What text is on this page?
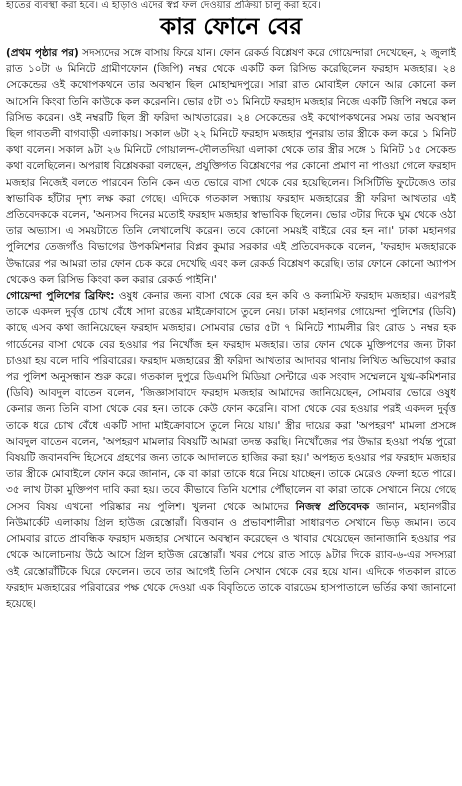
হাতের ব্যবস্থা করা হবে। এ হাড়াও এদের স্বপ্ন ফল দেওয়ার প্রক্রিয়া চালু করা হবে।
কার ফোনে বের

(প্রথম পৃষ্ঠার পর) সদস্যদের সঙ্গে বাসায় ফিরে যান। ফোন রেকর্ড বিশ্লেষণ করে গোয়েন্দারা দেখেছেন, ২ জুলাই রাত ১০টা ৬ মিনিটে গ্রামীণফোন (জিপি) নম্বর থেকে একটি কল রিসিভ করেছিলেন ফরহাদ মজহার। ২৪ সেকেন্ডের ওই কথোপকথনে তার অবস্থান ছিল মোহাম্মদপুরে। সারা রাত মোবাইল ফোনে আর কোনো কল আসেনি কিংবা তিনি কাউকে কল করেননি। ভোর ৫টা ৩১ মিনিটে ফরহাদ মজহার নিজে একটি জিপি নম্বরে কল রিসিভ করেন। ওই নম্বরটি ছিল স্ত্রী ফরিদা আখতারের। ২৪ সেকেন্ডের ওই কথোপকথনের সময় তার অবস্থান ছিল গাবতলী বাগবাড়ী এলাকায়। সকাল ৬টা ২২ মিনিটে ফরহাদ মজহার পুনরায় তার স্ত্রীকে কল করে ১ মিনিট কথা বলেন। সকাল ৯টা ২৬ মিনিটে গোয়ালন্দ-দৌলতদিয়া এলাকা থেকে তার স্ত্রীর সঙ্গে ১ মিনিট ১৫ সেকেন্ড কথা বলেছিলেন। অপরাধ বিশ্লেষকরা বলছেন, প্রযুক্তিগত বিশ্লেষণের পর কোনো প্রমাণ না পাওয়া গেলে ফরহাদ মজহার নিজেই বলতে পারবেন তিনি কেন এত ভোরে বাসা থেকে বের হয়েছিলেন। সিসিটিভি ফুটেজেও তার স্বাভাবিক হাঁটার দৃশ্য লক্ষ করা গেছে। এদিকে গতকাল সন্ধ্যায় ফরহাদ মজহারের স্ত্রী ফরিদা আখতার এই প্রতিবেদককে বলেন, 'অন্যসব দিনের মতোই ফরহাদ মজহার স্বাভাবিক ছিলেন। ভোর ৩টার দিকে ঘুম থেকে ওঠা তার অভ্যাস। এ সময়টাতে তিনি লেখালেখি করেন। তবে কোনো সময়ই বাইরে বের হন না।' ঢাকা মহানগর পুলিশের তেজগাঁও বিভাগের উপকমিশনার বিপ্লব কুমার সরকার এই প্রতিবেদককে বলেন, 'ফরহাদ মজহারকে উদ্ধারের পর আমরা তার ফোন চেক করে দেখেছি এবং কল রেকর্ড বিশ্লেষণ করেছি। তার ফোনে কোনো অ্যাপস থেকেও কল রিসিভ কিংবা কল করার রেকর্ড পাইনি।'

গোয়েন্দা পুলিশের ব্রিফিং: ওষুধ কেনার জন্য বাসা থেকে বের হন কবি ও কলামিস্ট ফরহাদ মজহার। এরপরই তাকে একদল দুর্বৃত্ত চোখ বেঁধে সাদা রঙের মাইক্রোবাসে তুলে নেয়। ঢাকা মহানগর গোয়েন্দা পুলিশের (ডিবি) কাছে এসব কথা জানিয়েছেন ফরহাদ মজহার। সোমবার ভোর ৫টা ৭ মিনিটে শ্যামলীর রিং রোড ১ নম্বর হক গার্ডেনের বাসা থেকে বের হওয়ার পর নিখোঁজ হন ফরহাদ মজহার। তার ফোন থেকে মুক্তিপণের জন্য টাকা চাওয়া হয় বলে দাবি পরিবারের। ফরহাদ মজহারের স্ত্রী ফরিদা আখতার আদাবর থানায় লিখিত অভিযোগ করার পর পুলিশ অনুসন্ধান শুরু করে। গতকাল দুপুরে ডিএমপি মিডিয়া সেন্টারে এক সংবাদ সম্মেলনে যুগ্ম-কমিশনার (ডিবি) আবদুল বাতেন বলেন, 'জিজ্ঞাসাবাদে ফরহাদ মজহার আমাদের জানিয়েছেন, সোমবার ভোরে ওষুধ কেনার জন্য তিনি বাসা থেকে বের হন। তাকে কেউ ফোন করেনি। বাসা থেকে বের হওয়ার পরই একদল দুর্বৃত্ত তাকে ধরে চোখ বেঁধে একটি সাদা মাইক্রোবাসে তুলে নিয়ে যায়।' স্ত্রীর দায়ের করা 'অপহরণ' মামলা প্রসঙ্গে আবদুল বাতেন বলেন, 'অপহরণ মামলার বিষয়টি আমরা তদন্ত করছি। নিখোঁজের পর উদ্ধার হওয়া পর্যন্ত পুরো বিষয়টি জবানবন্দি হিসেবে গ্রহণের জন্য তাকে আদালতে হাজির করা হয়।' অপহৃত হওয়ার পর ফরহাদ মজহার তার স্ত্রীকে মোবাইলে ফোন করে জানান, কে বা কারা তাকে ধরে নিয়ে যাচ্ছেন। তাকে মেরেও ফেলা হতে পারে। ৩৫ লাখ টাকা মুক্তিপণ দাবি করা হয়। তবে কীভাবে তিনি যশোর পৌঁছালেন বা কারা তাকে সেখানে নিয়ে গেছে সেসব বিষয় এখনো পরিষ্কার নয় পুলিশ। খুলনা থেকে আমাদের নিজস্ব প্রতিবেদক জানান, মহানগরীর নিউমার্কেট এলাকায় গ্রিল হাউজ রেস্তোরাঁ। বিত্তবান ও প্রভাবশালীরা সাধারণত সেখানে ভিড় জমান। তবে সোমবার রাতে প্রাবন্ধিক ফরহাদ মজহার সেখানে অবস্থান করেছেন ও খাবার খেয়েছেন জানাজানি হওয়ার পর থেকে আলোচনায় উঠে আসে গ্রিল হাউজ রেস্তোরাঁ। খবর পেয়ে রাত সাড়ে ৯টার দিকে র‍্যাব-৬-এর সদস্যরা ওই রেস্তোরাঁটিকে ঘিরে ফেলেন। তবে তার আগেই তিনি সেখান থেকে বের হয়ে যান। এদিকে গতকাল রাতে ফরহাদ মজহারের পরিবারের পক্ষ থেকে দেওয়া এক বিবৃতিতে তাকে বারডেম হাসপাতালে ভর্তির কথা জানানো হয়েছে।
